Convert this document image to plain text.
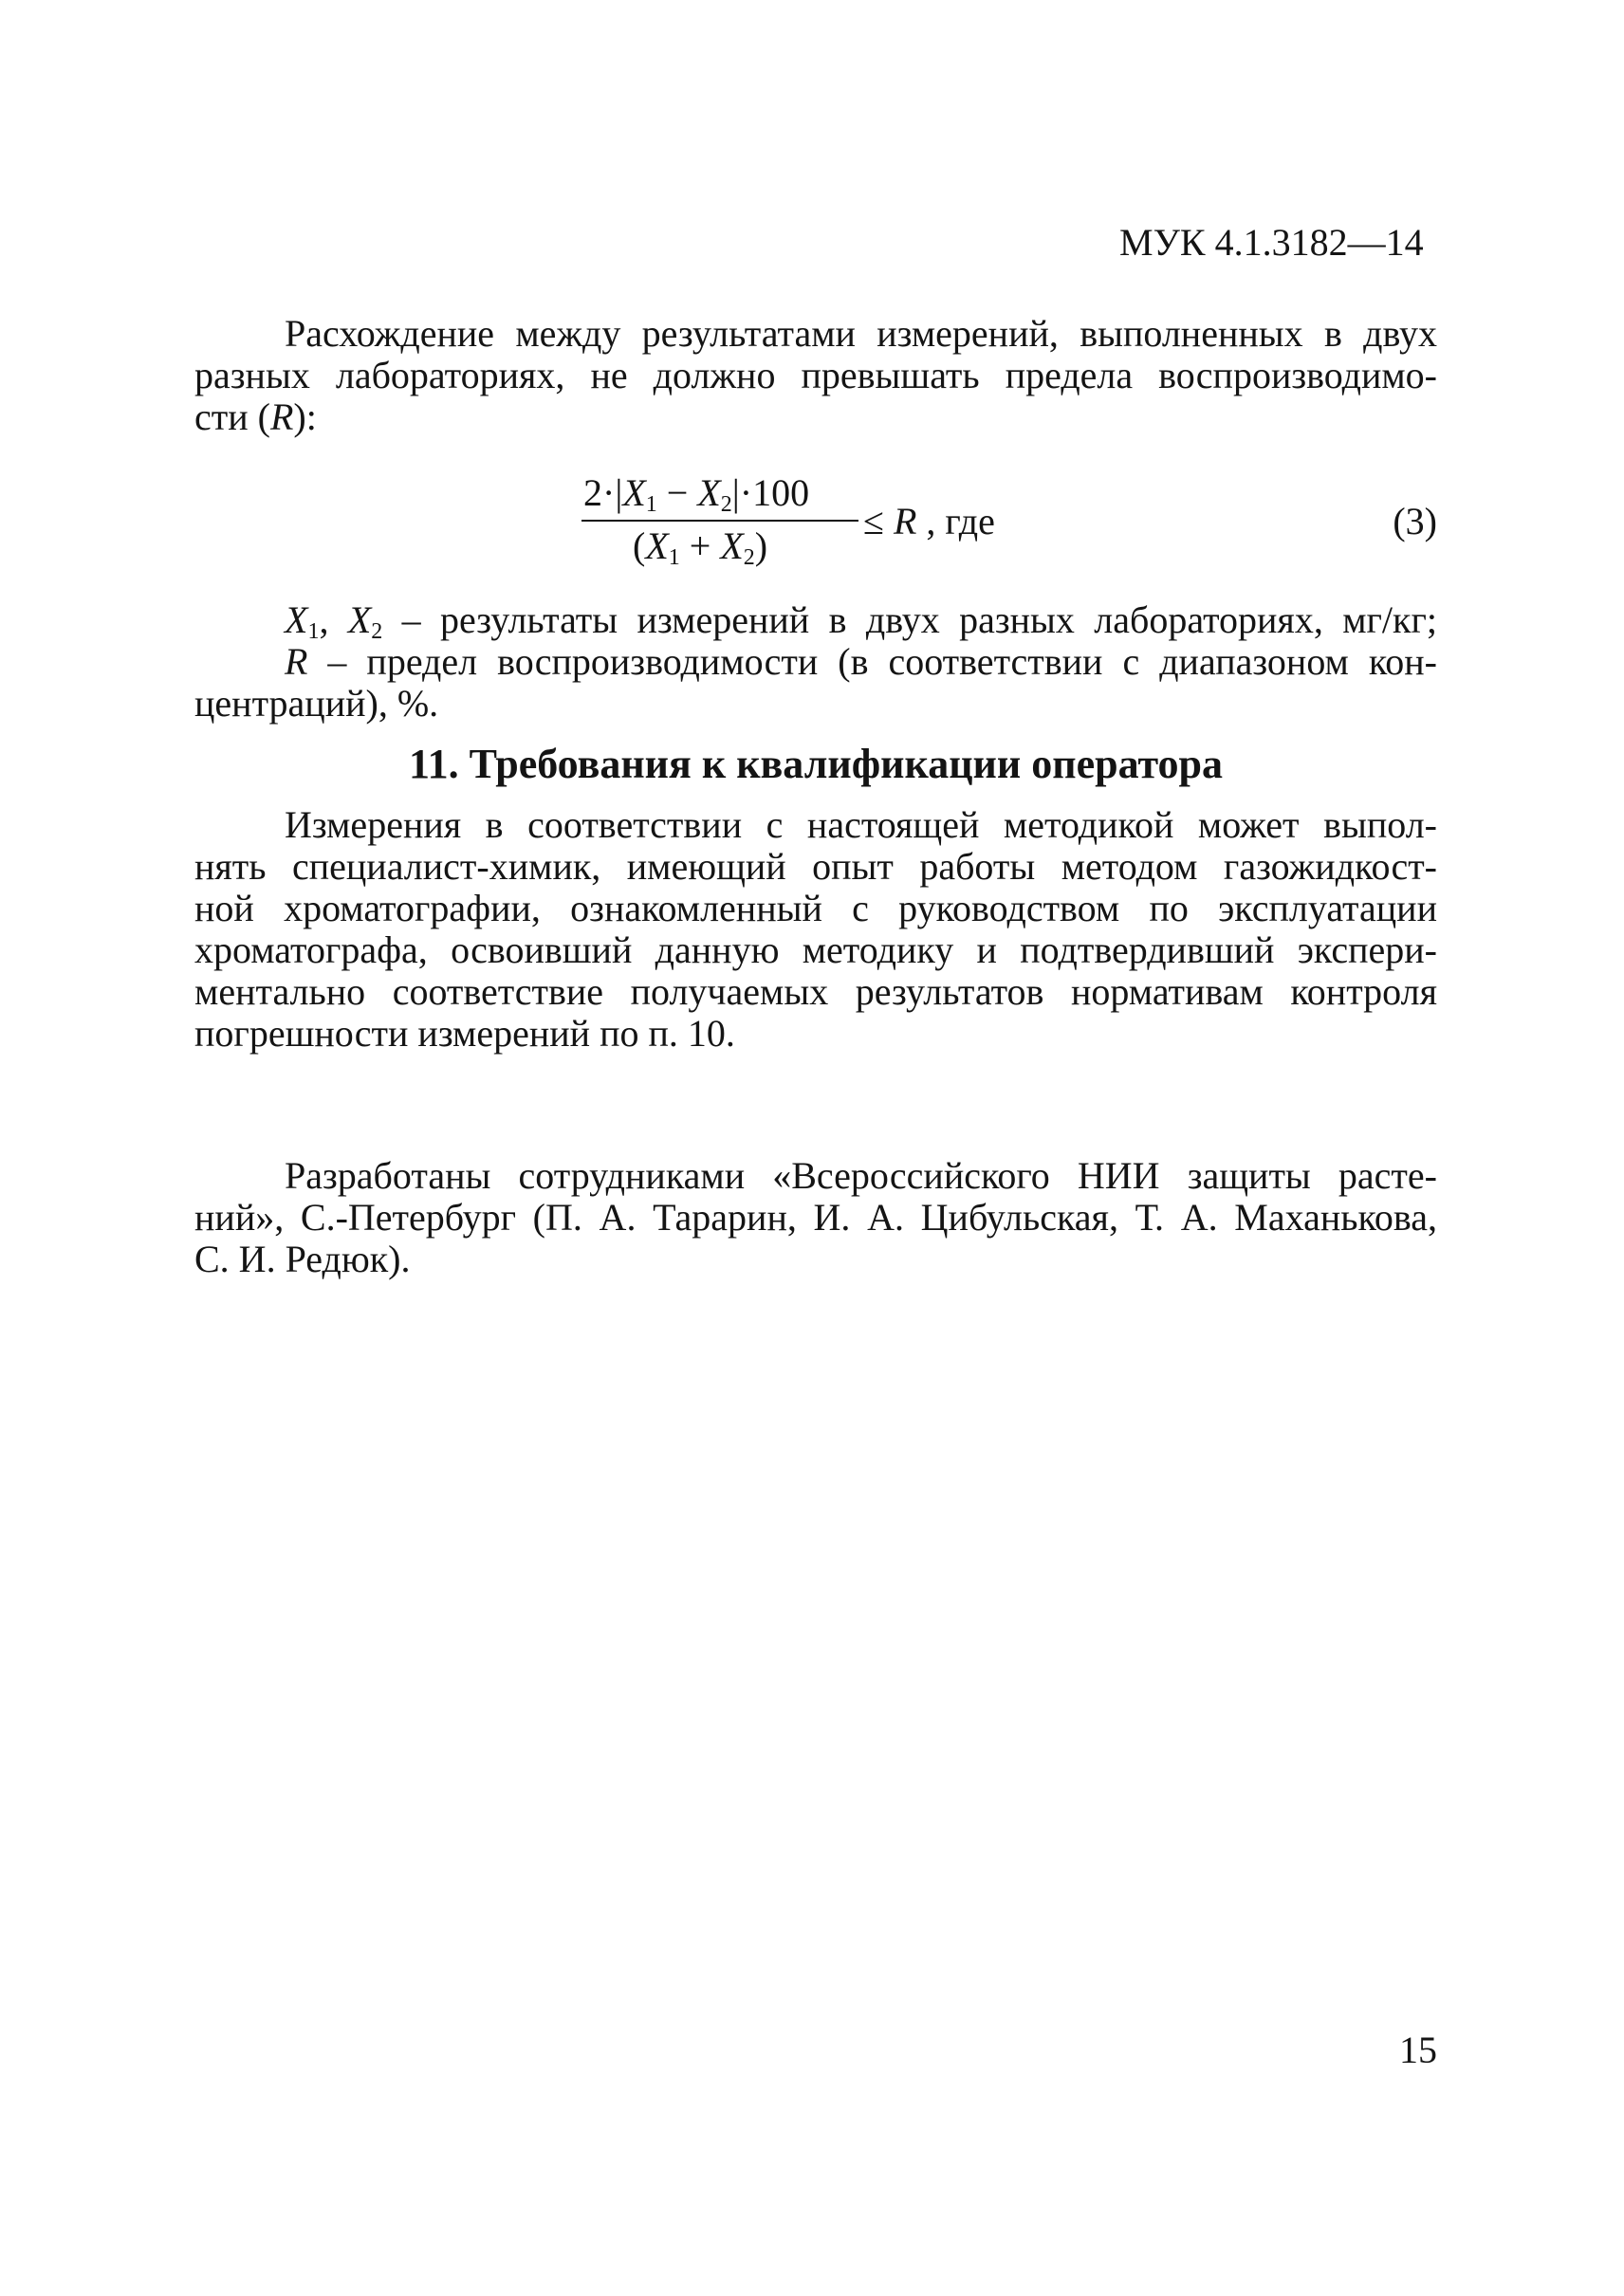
МУК 4.1.3182—14

Расхождение между результатами измерений, выполненных в двух
разных лабораториях, не должно превышать предела воспроизводимо-
сти (R):

$2\cdot|X_1 - X_2|\cdot 100$
$(X_1 + X_2)$
≤ R , где	(3)

$X_1$, $X_2$ – результаты измерений в двух разных лабораториях, мг/кг;
R – предел воспроизводимости (в соответствии с диапазоном кон-
центраций), %.

11. Требования к квалификации оператора

Измерения в соответствии с настоящей методикой может выпол-
нять специалист-химик, имеющий опыт работы методом газожидкост-
ной хроматографии, ознакомленный с руководством по эксплуатации
хроматографа, освоивший данную методику и подтвердивший экспери-
ментально соответствие получаемых результатов нормативам контроля
погрешности измерений по п. 10.

Разработаны сотрудниками «Всероссийского НИИ защиты расте-
ний», С.-Петербург (П. А. Тарарин, И. А. Цибульская, Т. А. Маханькова,
С. И. Редюк).

15
